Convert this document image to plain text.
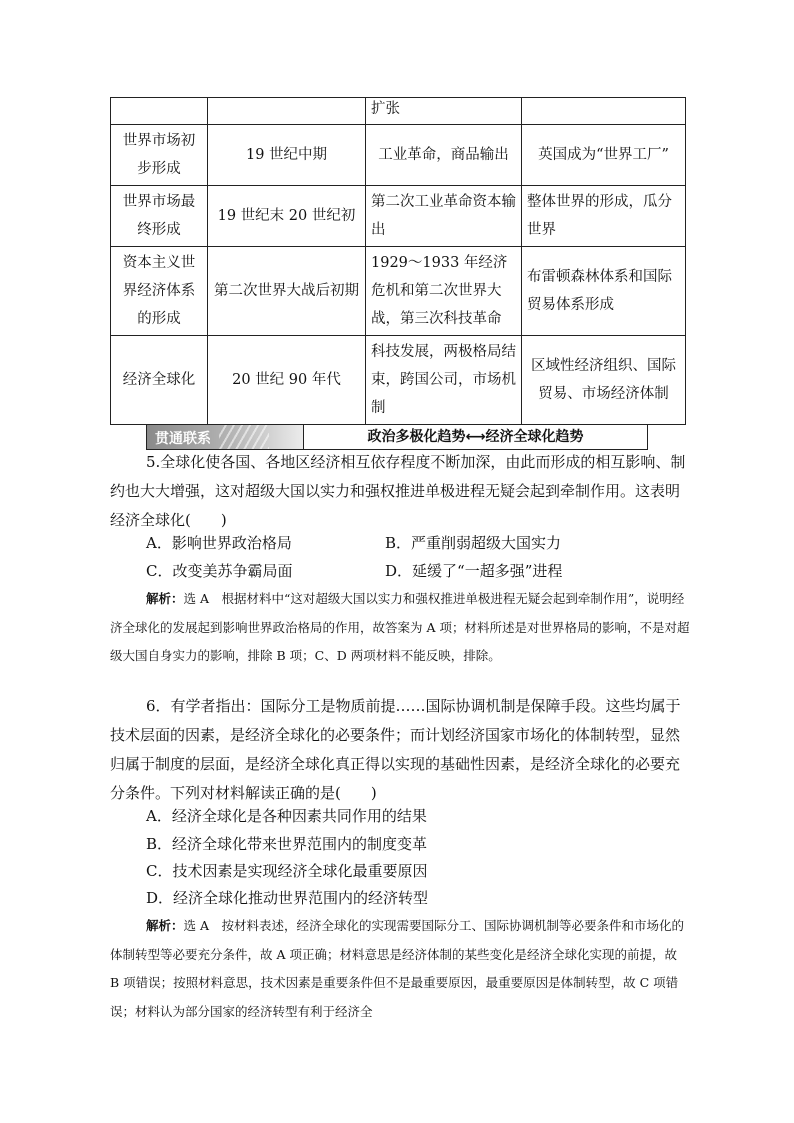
		扩张	
世界市场初步形成	19 世纪中期	工业革命，商品输出	英国成为“世界工厂”
世界市场最终形成	19 世纪末 20 世纪初	第二次工业革命资本输出	整体世界的形成，瓜分世界
资本主义世界经济体系的形成	第二次世界大战后初期	1929～1933 年经济危机和第二次世界大战，第三次科技革命	布雷顿森林体系和国际贸易体系形成
经济全球化	20 世纪 90 年代	科技发展，两极格局结束，跨国公司，市场机制	区域性经济组织、国际贸易、市场经济体制
贯通联系	政治多极化趋势⟷经济全球化趋势
5.全球化使各国、各地区经济相互依存程度不断加深，由此而形成的相互影响、制约也大大增强，这对超级大国以实力和强权推进单极进程无疑会起到牵制作用。这表明经济全球化(　　)
A．影响世界政治格局	B．严重削弱超级大国实力
C．改变美苏争霸局面	D．延缓了“一超多强”进程
解析：选 A　根据材料中“这对超级大国以实力和强权推进单极进程无疑会起到牵制作用”，说明经济全球化的发展起到影响世界政治格局的作用，故答案为 A 项；材料所述是对世界格局的影响，不是对超级大国自身实力的影响，排除 B 项；C、D 两项材料不能反映，排除。
6．有学者指出：国际分工是物质前提……国际协调机制是保障手段。这些均属于技术层面的因素，是经济全球化的必要条件；而计划经济国家市场化的体制转型，显然归属于制度的层面，是经济全球化真正得以实现的基础性因素，是经济全球化的必要充分条件。下列对材料解读正确的是(　　)
A．经济全球化是各种因素共同作用的结果
B．经济全球化带来世界范围内的制度变革
C．技术因素是实现经济全球化最重要原因
D．经济全球化推动世界范围内的经济转型
解析：选 A　按材料表述，经济全球化的实现需要国际分工、国际协调机制等必要条件和市场化的体制转型等必要充分条件，故 A 项正确；材料意思是经济体制的某些变化是经济全球化实现的前提，故 B 项错误；按照材料意思，技术因素是重要条件但不是最重要原因，最重要原因是体制转型，故 C 项错误；材料认为部分国家的经济转型有利于经济全
